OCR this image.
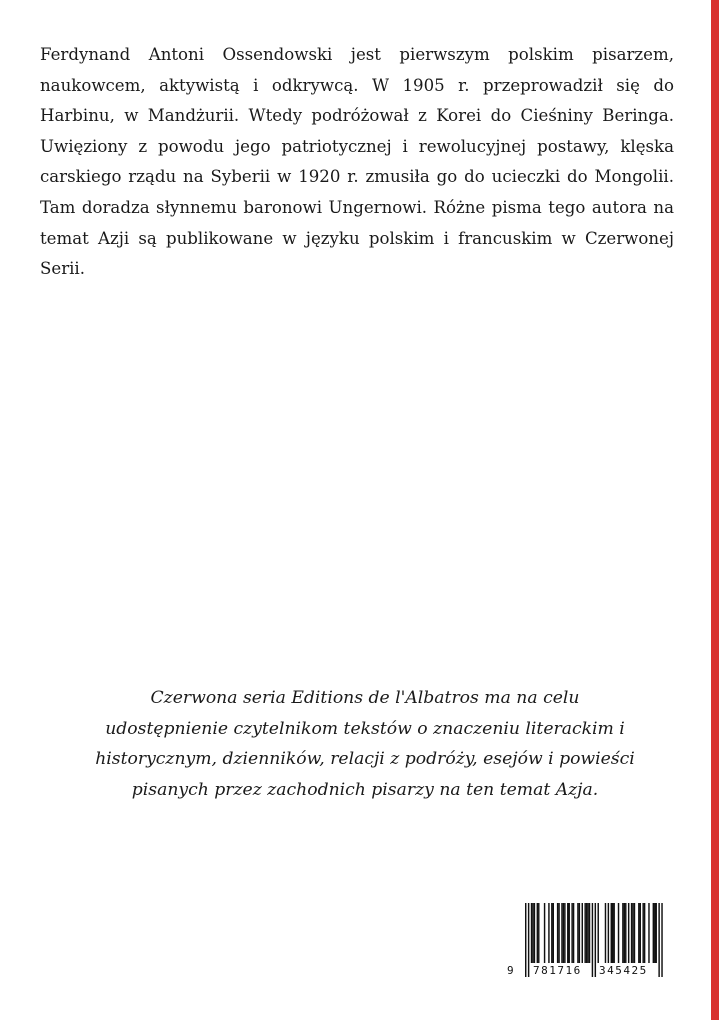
Ferdynand Antoni Ossendowski jest pierwszym polskim pisarzem, naukowcem, aktywistą i odkrywcą. W 1905 r. przeprowadził się do Harbinu, w Mandżurii. Wtedy podróżował z Korei do Cieśniny Beringa. Uwięziony z powodu jego patriotycznej i rewolucyjnej postawy, klęska carskiego rządu na Syberii w 1920 r. zmusiła go do ucieczki do Mongolii. Tam doradza słynnemu baronowi Ungernowi. Różne pisma tego autora na temat Azji są publikowane w języku polskim i francuskim w Czerwonej Serii.

Czerwona seria Editions de l'Albatros ma na celu udostępnienie czytelnikom tekstów o znaczeniu literackim i historycznym, dzienników, relacji z podróży, esejów i powieści pisanych przez zachodnich pisarzy na ten temat Azja.

9 781716 345425
